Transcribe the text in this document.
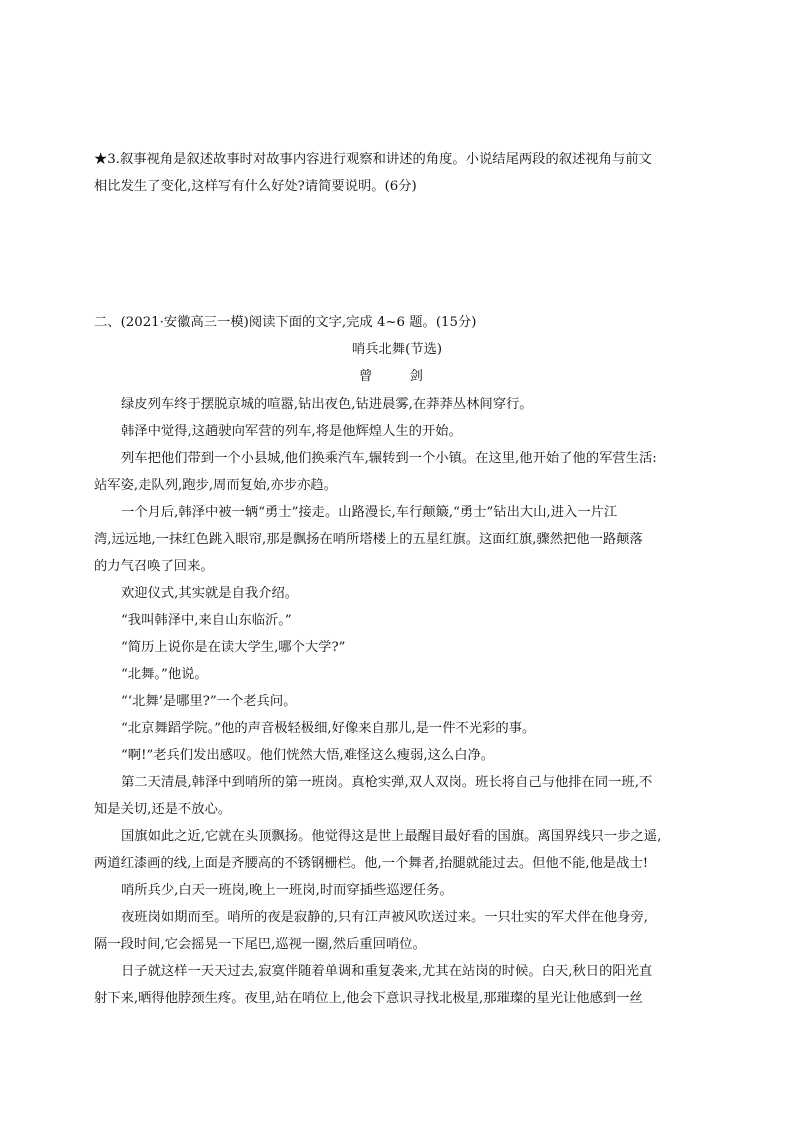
★3.叙事视角是叙述故事时对故事内容进行观察和讲述的角度。小说结尾两段的叙述视角与前文
相比发生了变化,这样写有什么好处?请简要说明。(6分)
二、(2021·安徽高三一模)阅读下面的文字,完成 4~6 题。(15分)
哨兵北舞(节选)
曾　剑
绿皮列车终于摆脱京城的喧嚣,钻出夜色,钻进晨雾,在莽莽丛林间穿行。
韩泽中觉得,这趟驶向军营的列车,将是他辉煌人生的开始。
列车把他们带到一个小县城,他们换乘汽车,辗转到一个小镇。在这里,他开始了他的军营生活:
站军姿,走队列,跑步,周而复始,亦步亦趋。
一个月后,韩泽中被一辆“勇士”接走。山路漫长,车行颠簸,“勇士”钻出大山,进入一片江
湾,远远地,一抹红色跳入眼帘,那是飘扬在哨所塔楼上的五星红旗。这面红旗,骤然把他一路颠落
的力气召唤了回来。
欢迎仪式,其实就是自我介绍。
“我叫韩泽中,来自山东临沂。”
“简历上说你是在读大学生,哪个大学?”
“北舞。”他说。
“‘北舞’是哪里?”一个老兵问。
“北京舞蹈学院。”他的声音极轻极细,好像来自那儿,是一件不光彩的事。
“啊!”老兵们发出感叹。他们恍然大悟,难怪这么瘦弱,这么白净。
第二天清晨,韩泽中到哨所的第一班岗。真枪实弹,双人双岗。班长将自己与他排在同一班,不
知是关切,还是不放心。
国旗如此之近,它就在头顶飘扬。他觉得这是世上最醒目最好看的国旗。离国界线只一步之遥,
两道红漆画的线,上面是齐腰高的不锈钢栅栏。他,一个舞者,抬腿就能过去。但他不能,他是战士!
哨所兵少,白天一班岗,晚上一班岗,时而穿插些巡逻任务。
夜班岗如期而至。哨所的夜是寂静的,只有江声被风吹送过来。一只壮实的军犬伴在他身旁,
隔一段时间,它会摇晃一下尾巴,巡视一圈,然后重回哨位。
日子就这样一天天过去,寂寞伴随着单调和重复袭来,尤其在站岗的时候。白天,秋日的阳光直
射下来,晒得他脖颈生疼。夜里,站在哨位上,他会下意识寻找北极星,那璀璨的星光让他感到一丝
